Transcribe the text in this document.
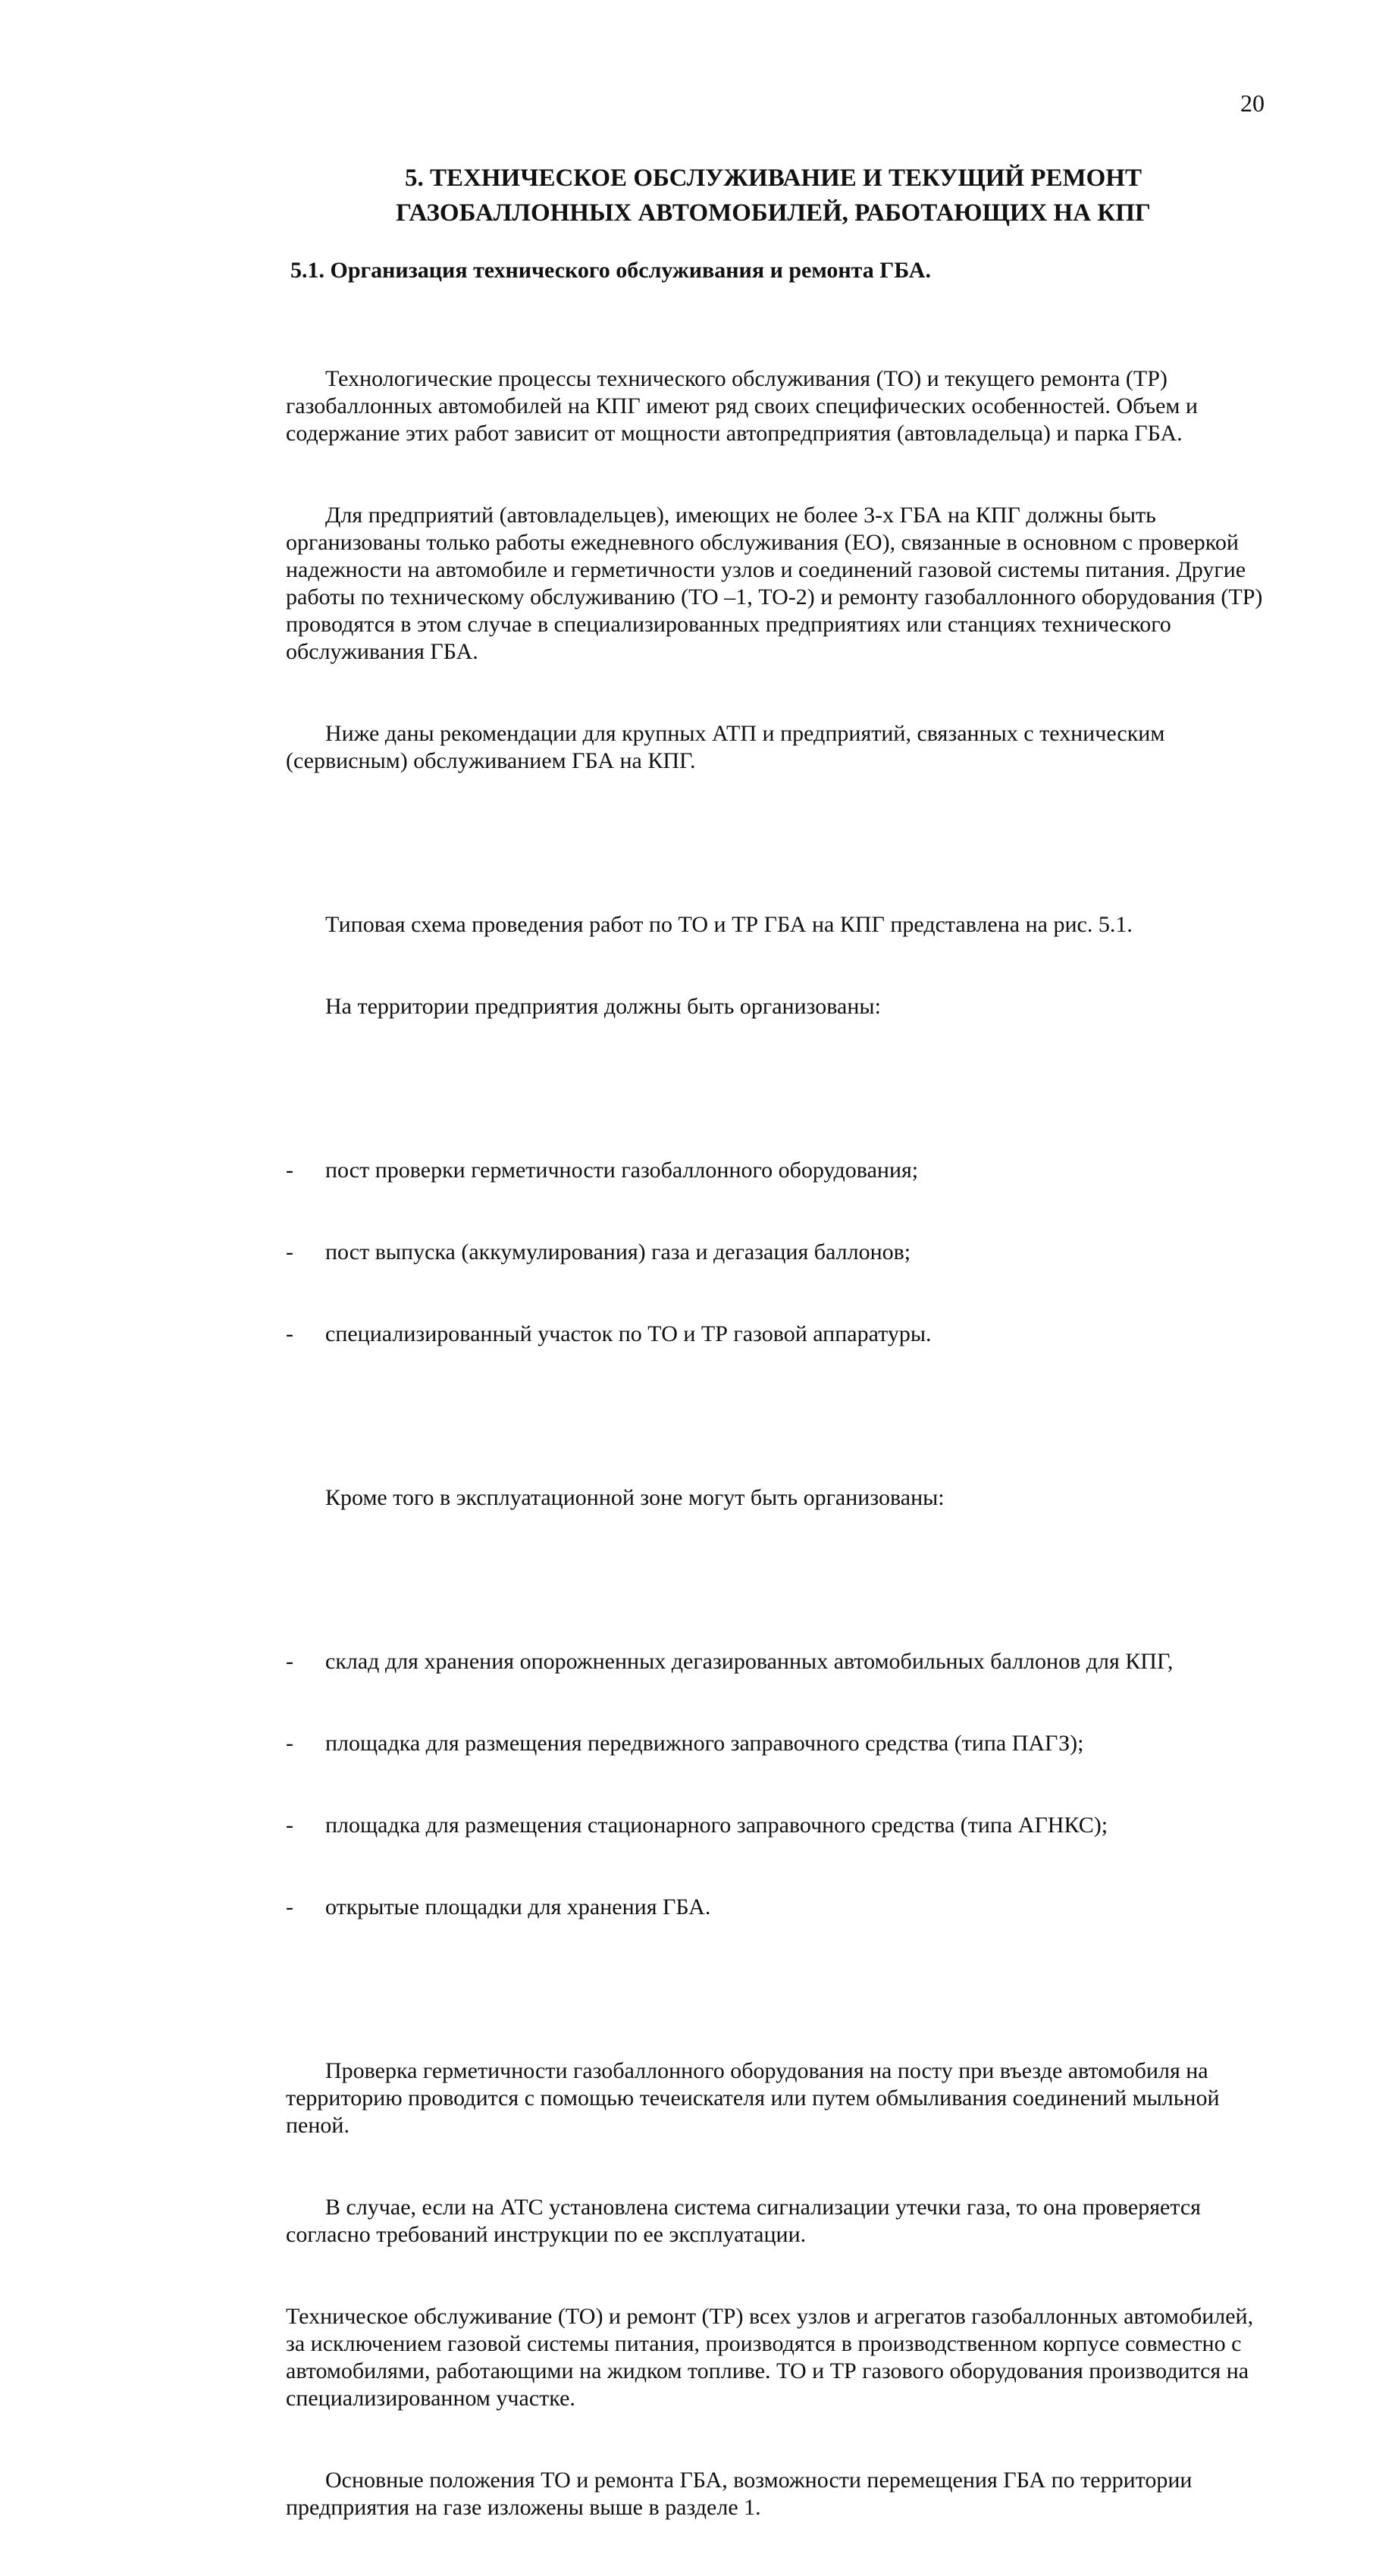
20
5. ТЕХНИЧЕСКОЕ ОБСЛУЖИВАНИЕ И ТЕКУЩИЙ РЕМОНТ
ГАЗОБАЛЛОННЫХ АВТОМОБИЛЕЙ, РАБОТАЮЩИХ НА КПГ
5.1. Организация технического обслуживания и ремонта ГБА.

Технологические процессы технического обслуживания (ТО) и текущего ремонта (ТР) газобаллонных автомобилей на КПГ имеют ряд своих специфических особенностей. Объем и содержание этих работ зависит от мощности автопредприятия (автовладельца) и парка ГБА.

Для предприятий (автовладельцев), имеющих не более 3-х ГБА на КПГ должны быть организованы только работы ежедневного обслуживания (ЕО), связанные в основном с проверкой надежности на автомобиле и герметичности узлов и соединений газовой системы питания. Другие работы по техническому обслуживанию (ТО –1, ТО-2) и ремонту газобаллонного оборудования (ТР) проводятся в этом случае в специализированных предприятиях или станциях технического обслуживания ГБА.

Ниже даны рекомендации для крупных АТП и предприятий, связанных с техническим (сервисным) обслуживанием ГБА на КПГ.

Типовая схема проведения работ по ТО и ТР ГБА на КПГ представлена на рис. 5.1.

На территории предприятия должны быть организованы:

- пост проверки герметичности газобаллонного оборудования;

- пост выпуска (аккумулирования) газа и дегазация баллонов;

- специализированный участок по ТО и ТР газовой аппаратуры.

Кроме того в эксплуатационной зоне могут быть организованы:

- склад для хранения опорожненных дегазированных автомобильных баллонов для КПГ,

- площадка для размещения передвижного заправочного средства (типа ПАГЗ);

- площадка для размещения стационарного заправочного средства (типа АГНКС);

- открытые площадки для хранения ГБА.

Проверка герметичности газобаллонного оборудования на посту при въезде автомобиля на территорию проводится с помощью течеискателя или путем обмыливания соединений мыльной пеной.

В случае, если на АТС установлена система сигнализации утечки газа, то она проверяется согласно требований инструкции по ее эксплуатации.

Техническое обслуживание (ТО) и ремонт (ТР) всех узлов и агрегатов газобаллонных автомобилей, за исключением газовой системы питания, производятся в производственном корпусе совместно с автомобилями, работающими на жидком топливе. ТО и ТР газового оборудования производится на специализированном участке.

Основные положения ТО и ремонта ГБА, возможности перемещения ГБА по территории предприятия на газе изложены выше в разделе 1.
